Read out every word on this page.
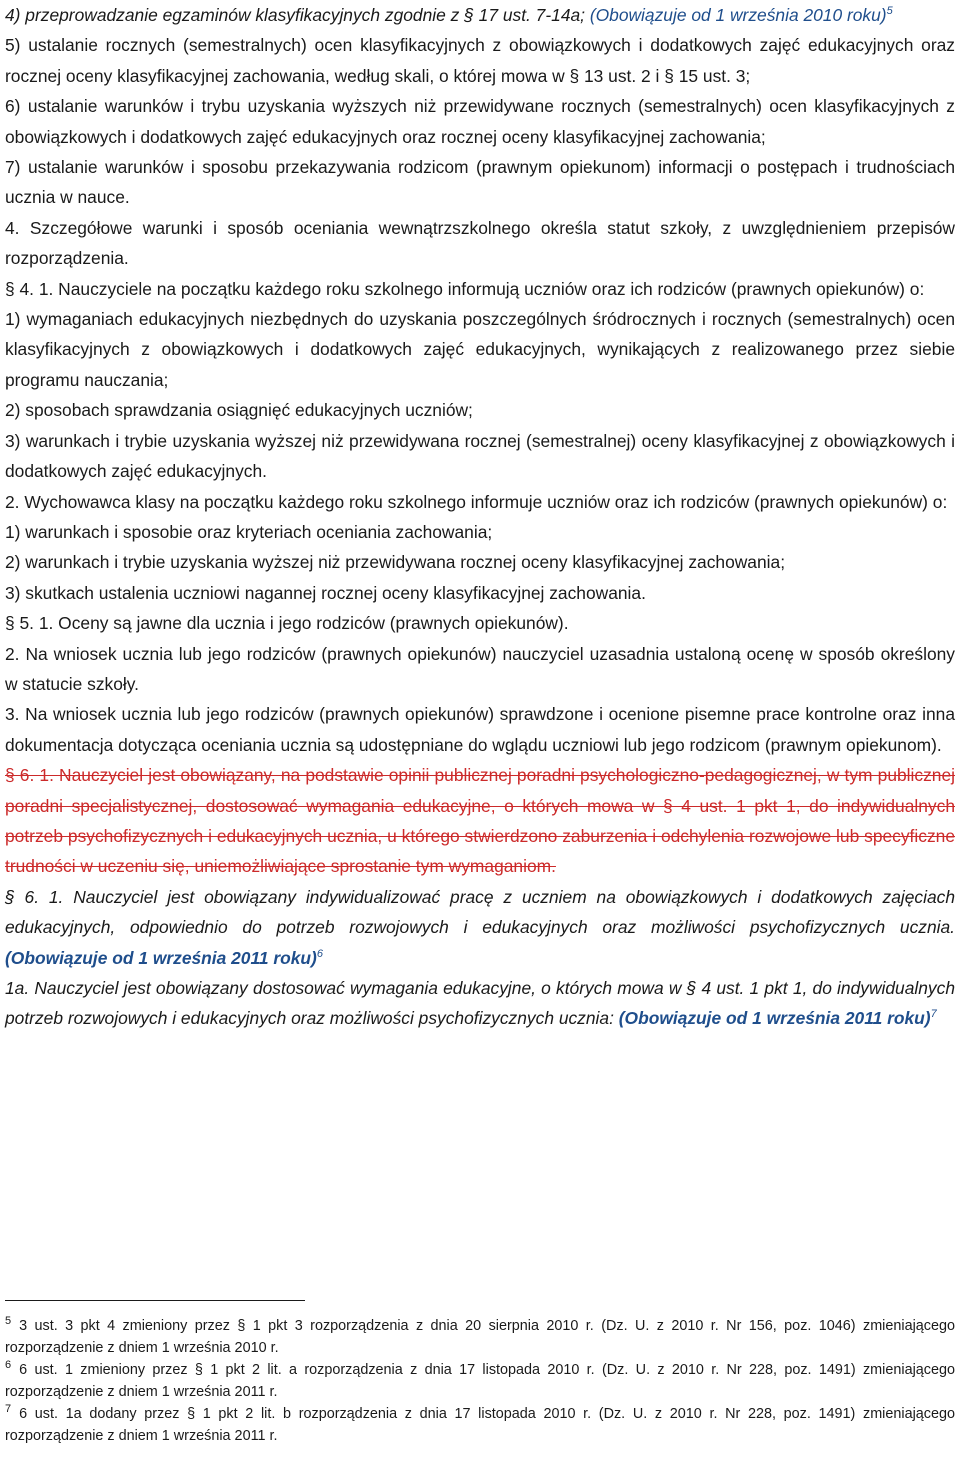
4) przeprowadzanie egzaminów klasyfikacyjnych zgodnie z § 17 ust. 7-14a; (Obowiązuje od 1 września 2010 roku)$^5$

5) ustalanie rocznych (semestralnych) ocen klasyfikacyjnych z obowiązkowych i dodatkowych zajęć edukacyjnych oraz rocznej oceny klasyfikacyjnej zachowania, według skali, o której mowa w § 13 ust. 2 i § 15 ust. 3;

6) ustalanie warunków i trybu uzyskania wyższych niż przewidywane rocznych (semestralnych) ocen klasyfikacyjnych z obowiązkowych i dodatkowych zajęć edukacyjnych oraz rocznej oceny klasyfikacyjnej zachowania;

7) ustalanie warunków i sposobu przekazywania rodzicom (prawnym opiekunom) informacji o postępach i trudnościach ucznia w nauce.

4. Szczegółowe warunki i sposób oceniania wewnątrzszkolnego określa statut szkoły, z uwzględnieniem przepisów rozporządzenia.

§ 4. 1. Nauczyciele na początku każdego roku szkolnego informują uczniów oraz ich rodziców (prawnych opiekunów) o:

1) wymaganiach edukacyjnych niezbędnych do uzyskania poszczególnych śródrocznych i rocznych (semestralnych) ocen klasyfikacyjnych z obowiązkowych i dodatkowych zajęć edukacyjnych, wynikających z realizowanego przez siebie programu nauczania;

2) sposobach sprawdzania osiągnięć edukacyjnych uczniów;

3) warunkach i trybie uzyskania wyższej niż przewidywana rocznej (semestralnej) oceny klasyfikacyjnej z obowiązkowych i dodatkowych zajęć edukacyjnych.

2. Wychowawca klasy na początku każdego roku szkolnego informuje uczniów oraz ich rodziców (prawnych opiekunów) o:

1) warunkach i sposobie oraz kryteriach oceniania zachowania;

2) warunkach i trybie uzyskania wyższej niż przewidywana rocznej oceny klasyfikacyjnej zachowania;

3) skutkach ustalenia uczniowi nagannej rocznej oceny klasyfikacyjnej zachowania.

§ 5. 1. Oceny są jawne dla ucznia i jego rodziców (prawnych opiekunów).

2. Na wniosek ucznia lub jego rodziców (prawnych opiekunów) nauczyciel uzasadnia ustaloną ocenę w sposób określony w statucie szkoły.

3. Na wniosek ucznia lub jego rodziców (prawnych opiekunów) sprawdzone i ocenione pisemne prace kontrolne oraz inna dokumentacja dotycząca oceniania ucznia są udostępniane do wglądu uczniowi lub jego rodzicom (prawnym opiekunom).

§ 6. 1. Nauczyciel jest obowiązany, na podstawie opinii publicznej poradni psychologiczno-pedagogicznej, w tym publicznej poradni specjalistycznej, dostosować wymagania edukacyjne, o których mowa w § 4 ust. 1 pkt 1, do indywidualnych potrzeb psychofizycznych i edukacyjnych ucznia, u którego stwierdzono zaburzenia i odchylenia rozwojowe lub specyficzne trudności w uczeniu się, uniemożliwiające sprostanie tym wymaganiom.

§ 6. 1. Nauczyciel jest obowiązany indywidualizować pracę z uczniem na obowiązkowych i dodatkowych zajęciach edukacyjnych, odpowiednio do potrzeb rozwojowych i edukacyjnych oraz możliwości psychofizycznych ucznia. (Obowiązuje od 1 września 2011 roku)$^6$

1a. Nauczyciel jest obowiązany dostosować wymagania edukacyjne, o których mowa w § 4 ust. 1 pkt 1, do indywidualnych potrzeb rozwojowych i edukacyjnych oraz możliwości psychofizycznych ucznia: (Obowiązuje od 1 września 2011 roku)$^7$

$^5$ 3 ust. 3 pkt 4 zmieniony przez § 1 pkt 3 rozporządzenia z dnia 20 sierpnia 2010 r. (Dz. U. z 2010 r. Nr 156, poz. 1046) zmieniającego rozporządzenie z dniem 1 września 2010 r.

$^6$ 6 ust. 1 zmieniony przez § 1 pkt 2 lit. a rozporządzenia z dnia 17 listopada 2010 r. (Dz. U. z 2010 r. Nr 228, poz. 1491) zmieniającego rozporządzenie z dniem 1 września 2011 r.

$^7$ 6 ust. 1a dodany przez § 1 pkt 2 lit. b rozporządzenia z dnia 17 listopada 2010 r. (Dz. U. z 2010 r. Nr 228, poz. 1491) zmieniającego rozporządzenie z dniem 1 września 2011 r.
